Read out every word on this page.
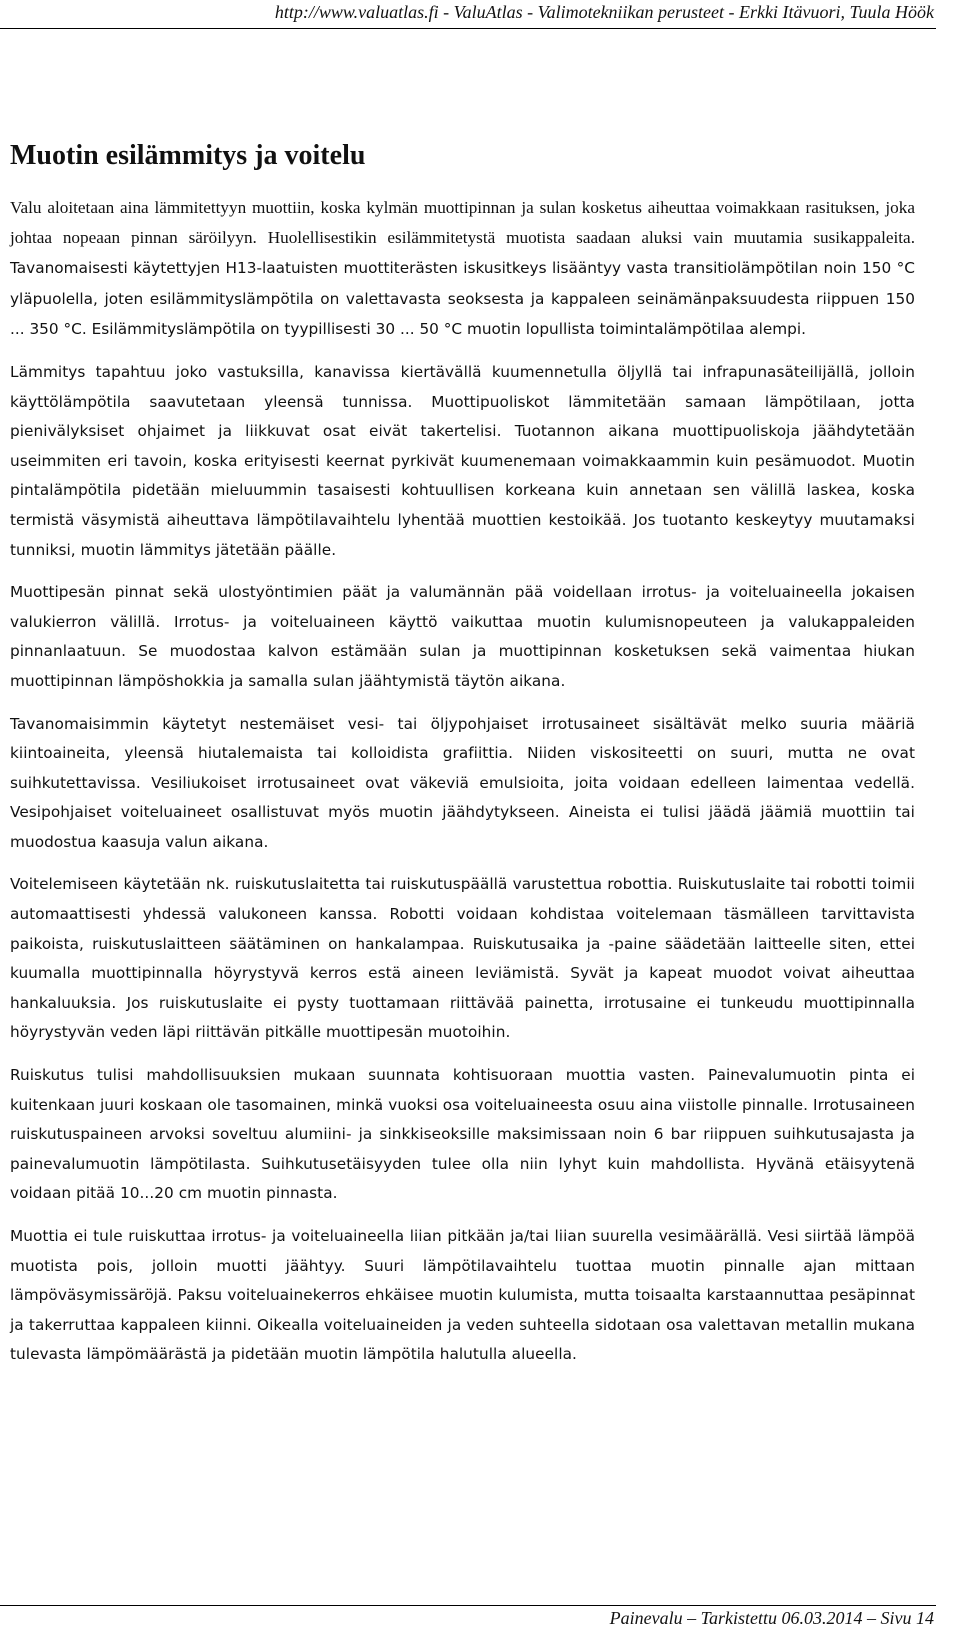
http://www.valuatlas.fi - ValuAtlas - Valimotekniikan perusteet - Erkki Itävuori, Tuula Höök
Muotin esilämmitys ja voitelu

Valu aloitetaan aina lämmitettyyn muottiin, koska kylmän muottipinnan ja sulan kosketus aiheuttaa voimakkaan rasituksen, joka johtaa nopeaan pinnan säröilyyn. Huolellisestikin esilämmitetystä muotista saadaan aluksi vain muutamia susikappaleita. Tavanomaisesti käytettyjen H13-laatuisten muottiterästen iskusitkeys lisääntyy vasta transitiolämpötilan noin 150 °C yläpuolella, joten esilämmityslämpötila on valettavasta seoksesta ja kappaleen seinämänpaksuudesta riippuen 150 ... 350 °C. Esilämmityslämpötila on tyypillisesti 30 ... 50 °C muotin lopullista toimintalämpötilaa alempi.

Lämmitys tapahtuu joko vastuksilla, kanavissa kiertävällä kuumennetulla öljyllä tai infrapunasäteilijällä, jolloin käyttölämpötila saavutetaan yleensä tunnissa. Muottipuoliskot lämmitetään samaan lämpötilaan, jotta pienivälyksiset ohjaimet ja liikkuvat osat eivät takertelisi. Tuotannon aikana muottipuoliskoja jäähdytetään useimmiten eri tavoin, koska erityisesti keernat pyrkivät kuumenemaan voimakkaammin kuin pesämuodot. Muotin pintalämpötila pidetään mieluummin tasaisesti kohtuullisen korkeana kuin annetaan sen välillä laskea, koska termistä väsymistä aiheuttava lämpötilavaihtelu lyhentää muottien kestoikää. Jos tuotanto keskeytyy muutamaksi tunniksi, muotin lämmitys jätetään päälle.

Muottipesän pinnat sekä ulostyöntimien päät ja valumännän pää voidellaan irrotus- ja voiteluaineella jokaisen valukierron välillä. Irrotus- ja voiteluaineen käyttö vaikuttaa muotin kulumisnopeuteen ja valukappaleiden pinnanlaatuun. Se muodostaa kalvon estämään sulan ja muottipinnan kosketuksen sekä vaimentaa hiukan muottipinnan lämpöshokkia ja samalla sulan jäähtymistä täytön aikana.

Tavanomaisimmin käytetyt nestemäiset vesi- tai öljypohjaiset irrotusaineet sisältävät melko suuria määriä kiintoaineita, yleensä hiutalemaista tai kolloidista grafiittia. Niiden viskositeetti on suuri, mutta ne ovat suihkutettavissa. Vesiliukoiset irrotusaineet ovat väkeviä emulsioita, joita voidaan edelleen laimentaa vedellä. Vesipohjaiset voiteluaineet osallistuvat myös muotin jäähdytykseen. Aineista ei tulisi jäädä jäämiä muottiin tai muodostua kaasuja valun aikana.

Voitelemiseen käytetään nk. ruiskutuslaitetta tai ruiskutuspäällä varustettua robottia. Ruiskutuslaite tai robotti toimii automaattisesti yhdessä valukoneen kanssa. Robotti voidaan kohdistaa voitelemaan täsmälleen tarvittavista paikoista, ruiskutuslaitteen säätäminen on hankalampaa. Ruiskutusaika ja -paine säädetään laitteelle siten, ettei kuumalla muottipinnalla höyrystyvä kerros estä aineen leviämistä. Syvät ja kapeat muodot voivat aiheuttaa hankaluuksia. Jos ruiskutuslaite ei pysty tuottamaan riittävää painetta, irrotusaine ei tunkeudu muottipinnalla höyrystyvän veden läpi riittävän pitkälle muottipesän muotoihin.

Ruiskutus tulisi mahdollisuuksien mukaan suunnata kohtisuoraan muottia vasten. Painevalumuotin pinta ei kuitenkaan juuri koskaan ole tasomainen, minkä vuoksi osa voiteluaineesta osuu aina viistolle pinnalle. Irrotusaineen ruiskutuspaineen arvoksi soveltuu alumiini- ja sinkkiseoksille maksimissaan noin 6 bar riippuen suihkutusajasta ja painevalumuotin lämpötilasta. Suihkutusetäisyyden tulee olla niin lyhyt kuin mahdollista. Hyvänä etäisyytenä voidaan pitää 10...20 cm muotin pinnasta.

Muottia ei tule ruiskuttaa irrotus- ja voiteluaineella liian pitkään ja/tai liian suurella vesimäärällä. Vesi siirtää lämpöä muotista pois, jolloin muotti jäähtyy. Suuri lämpötilavaihtelu tuottaa muotin pinnalle ajan mittaan lämpöväsymissäröjä. Paksu voiteluainekerros ehkäisee muotin kulumista, mutta toisaalta karstaannuttaa pesäpinnat ja takerruttaa kappaleen kiinni. Oikealla voiteluaineiden ja veden suhteella sidotaan osa valettavan metallin mukana tulevasta lämpömäärästä ja pidetään muotin lämpötila halutulla alueella.

Painevalu – Tarkistettu 06.03.2014 – Sivu 14
